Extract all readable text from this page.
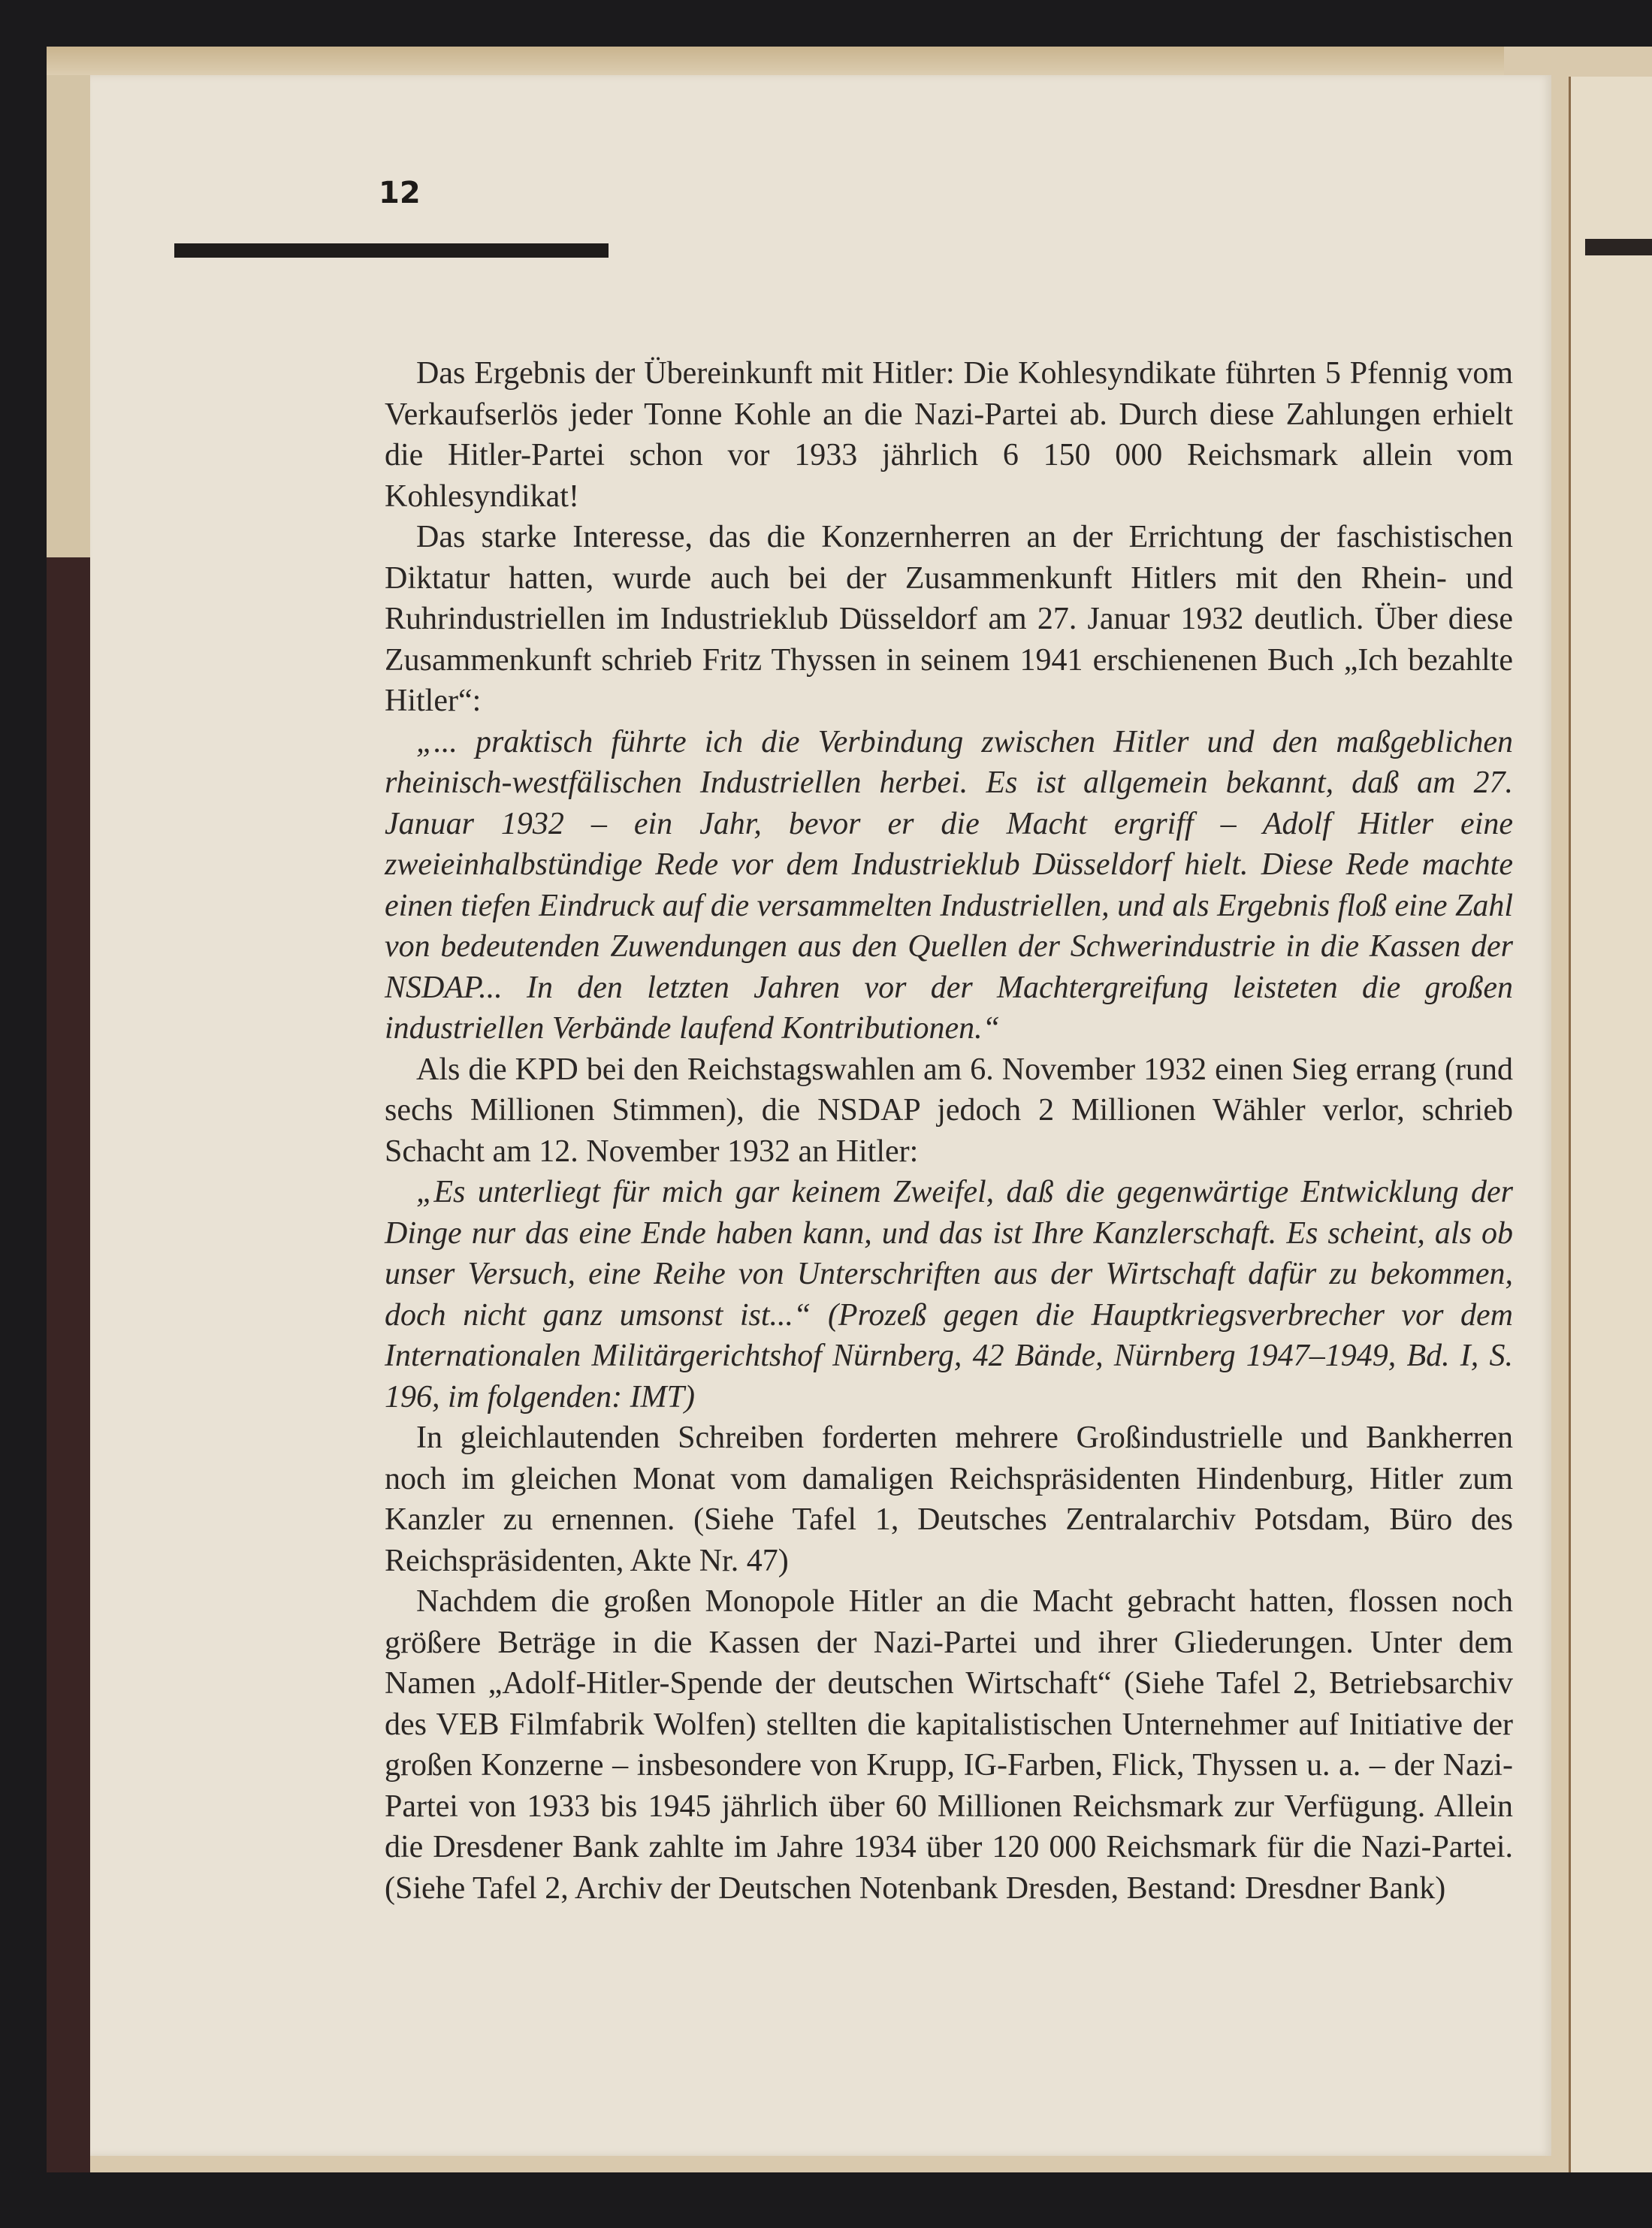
12

Das Ergebnis der Übereinkunft mit Hitler: Die Kohlesyndikate führten 5 Pfennig vom Verkaufserlös jeder Tonne Kohle an die Nazi-Partei ab. Durch diese Zahlungen erhielt die Hitler-Partei schon vor 1933 jährlich 6 150 000 Reichsmark allein vom Kohlesyndikat!

Das starke Interesse, das die Konzernherren an der Errichtung der faschistischen Diktatur hatten, wurde auch bei der Zusammenkunft Hitlers mit den Rhein- und Ruhrindustriellen im Industrieklub Düsseldorf am 27. Januar 1932 deutlich. Über diese Zusammenkunft schrieb Fritz Thyssen in seinem 1941 erschienenen Buch „Ich bezahlte Hitler“:

„... praktisch führte ich die Verbindung zwischen Hitler und den maßgeblichen rheinisch-westfälischen Industriellen herbei. Es ist allgemein bekannt, daß am 27. Januar 1932 – ein Jahr, bevor er die Macht ergriff – Adolf Hitler eine zweieinhalbstündige Rede vor dem Industrieklub Düsseldorf hielt. Diese Rede machte einen tiefen Eindruck auf die versammelten Industriellen, und als Ergebnis floß eine Zahl von bedeutenden Zuwendungen aus den Quellen der Schwerindustrie in die Kassen der NSDAP... In den letzten Jahren vor der Machtergreifung leisteten die großen industriellen Verbände laufend Kontributionen.“

Als die KPD bei den Reichstagswahlen am 6. November 1932 einen Sieg errang (rund sechs Millionen Stimmen), die NSDAP jedoch 2 Millionen Wähler verlor, schrieb Schacht am 12. November 1932 an Hitler:

„Es unterliegt für mich gar keinem Zweifel, daß die gegenwärtige Entwicklung der Dinge nur das eine Ende haben kann, und das ist Ihre Kanzlerschaft. Es scheint, als ob unser Versuch, eine Reihe von Unterschriften aus der Wirtschaft dafür zu bekommen, doch nicht ganz umsonst ist...“ (Prozeß gegen die Hauptkriegsverbrecher vor dem Internationalen Militärgerichtshof Nürnberg, 42 Bände, Nürnberg 1947–1949, Bd. I, S. 196, im folgenden: IMT)

In gleichlautenden Schreiben forderten mehrere Großindustrielle und Bankherren noch im gleichen Monat vom damaligen Reichspräsidenten Hindenburg, Hitler zum Kanzler zu ernennen. (Siehe Tafel 1, Deutsches Zentralarchiv Potsdam, Büro des Reichspräsidenten, Akte Nr. 47)

Nachdem die großen Monopole Hitler an die Macht gebracht hatten, flossen noch größere Beträge in die Kassen der Nazi-Partei und ihrer Gliederungen. Unter dem Namen „Adolf-Hitler-Spende der deutschen Wirtschaft“ (Siehe Tafel 2, Betriebsarchiv des VEB Filmfabrik Wolfen) stellten die kapitalistischen Unternehmer auf Initiative der großen Konzerne – insbesondere von Krupp, IG-Farben, Flick, Thyssen u. a. – der Nazi-Partei von 1933 bis 1945 jährlich über 60 Millionen Reichsmark zur Verfügung. Allein die Dresdener Bank zahlte im Jahre 1934 über 120 000 Reichsmark für die Nazi-Partei. (Siehe Tafel 2, Archiv der Deutschen Notenbank Dresden, Bestand: Dresdner Bank)
